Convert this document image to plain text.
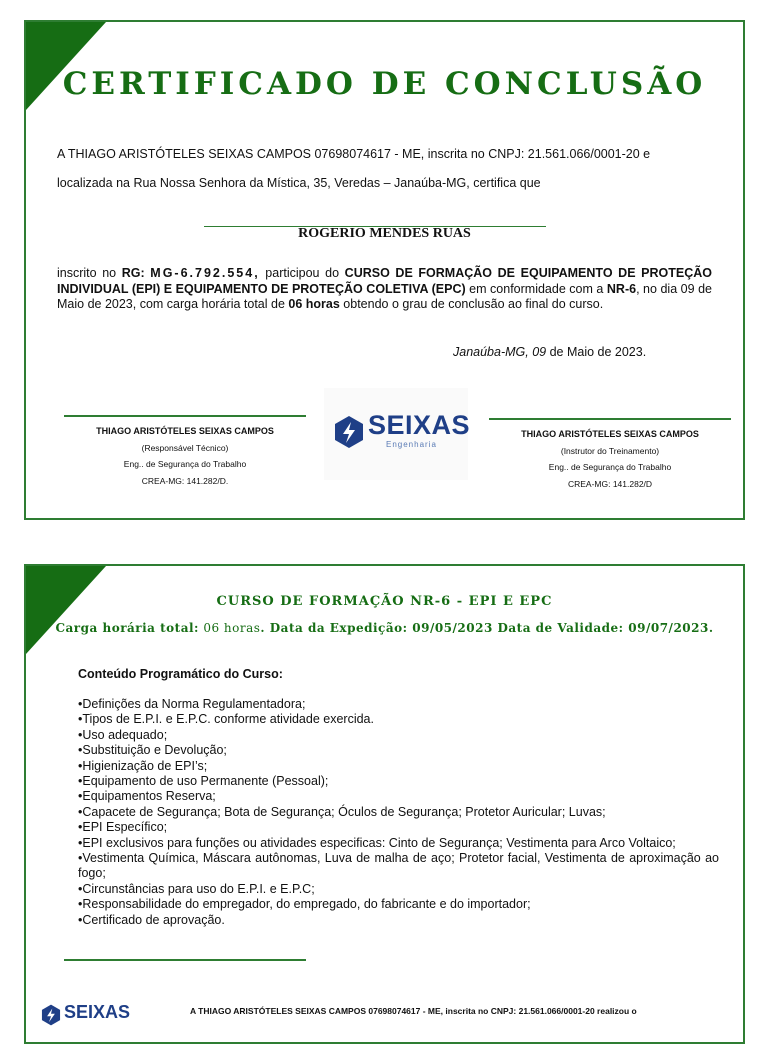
CERTIFICADO DE CONCLUSÃO
A THIAGO ARISTÓTELES SEIXAS CAMPOS 07698074617 - ME, inscrita no CNPJ: 21.561.066/0001-20 e
localizada na Rua Nossa Senhora da Mística, 35, Veredas – Janaúba-MG, certifica que
ROGERIO MENDES RUAS
inscrito no RG: MG-6.792.554, participou do CURSO DE FORMAÇÃO DE EQUIPAMENTO DE PROTEÇÃO INDIVIDUAL (EPI) E EQUIPAMENTO DE PROTEÇÃO COLETIVA (EPC) em conformidade com a NR-6, no dia 09 de Maio de 2023, com carga horária total de 06 horas obtendo o grau de conclusão ao final do curso.
Janaúba-MG, 09 de Maio de 2023.
THIAGO ARISTÓTELES SEIXAS CAMPOS
(Responsável Técnico)
Eng.. de Segurança do Trabalho
CREA-MG: 141.282/D.
SEIXAS
Engenharia
THIAGO ARISTÓTELES SEIXAS CAMPOS
(Instrutor do Treinamento)
Eng.. de Segurança do Trabalho
CREA-MG: 141.282/D
CURSO DE FORMAÇÃO NR-6 - EPI E EPC
Carga horária total: 06 horas. Data da Expedição: 09/05/2023 Data de Validade: 09/07/2023.
Conteúdo Programático do Curso:
•Definições da Norma Regulamentadora;
•Tipos de E.P.I. e E.P.C. conforme atividade exercida.
•Uso adequado;
•Substituição e Devolução;
•Higienização de EPI’s;
•Equipamento de uso Permanente (Pessoal);
•Equipamentos Reserva;
•Capacete de Segurança; Bota de Segurança; Óculos de Segurança; Protetor Auricular; Luvas;
•EPI Específico;
•EPI exclusivos para funções ou atividades especificas: Cinto de Segurança; Vestimenta para Arco Voltaico;
•Vestimenta Química, Máscara autônomas, Luva de malha de aço; Protetor facial, Vestimenta de aproximação ao fogo;
•Circunstâncias para uso do E.P.I. e E.P.C;
•Responsabilidade do empregador, do empregado, do fabricante e do importador;
•Certificado de aprovação.
SEIXAS	A THIAGO ARISTÓTELES SEIXAS CAMPOS 07698074617 - ME, inscrita no CNPJ: 21.561.066/0001-20 realizou o
